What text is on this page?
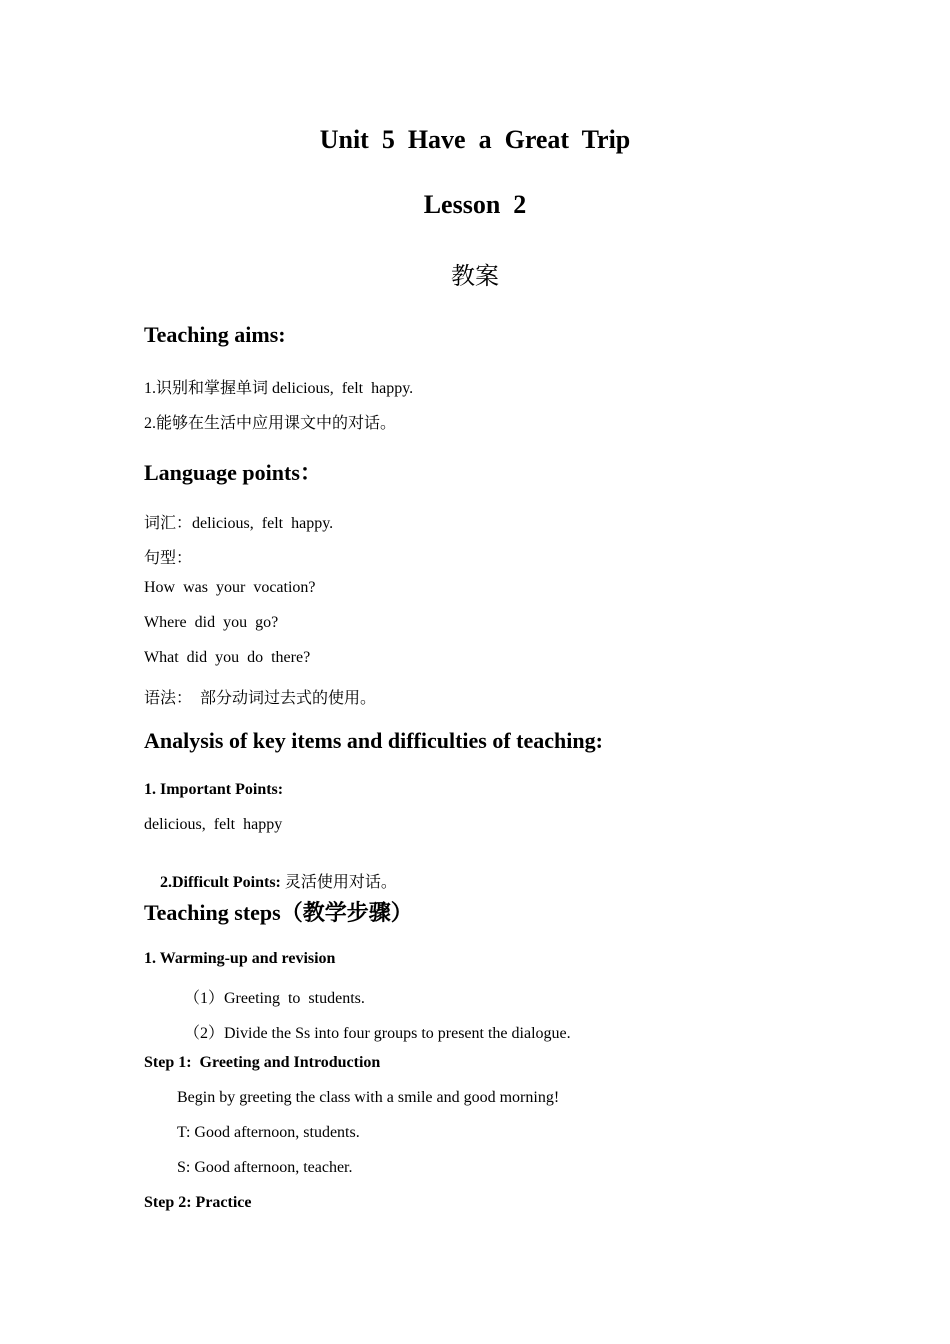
Unit  5  Have  a  Great  Trip
Lesson  2
教案
Teaching aims:
1.识别和掌握单词 delicious,  felt  happy.
2.能够在生活中应用课文中的对话。
Language points：
词汇：delicious,  felt  happy.
句型：
How  was  your  vocation?
Where  did  you  go?
What  did  you  do  there?
语法：  部分动词过去式的使用。
Analysis of key items and difficulties of teaching:
1. Important Points:
delicious,  felt  happy

2.Difficult Points: 灵活使用对话。

Teaching steps（教学步骤）
1. Warming-up and revision
（1）Greeting  to  students.
（2）Divide the Ss into four groups to present the dialogue.
Step 1:  Greeting and Introduction
Begin by greeting the class with a smile and good morning!
T: Good afternoon, students.
S: Good afternoon, teacher.
Step 2: Practice
